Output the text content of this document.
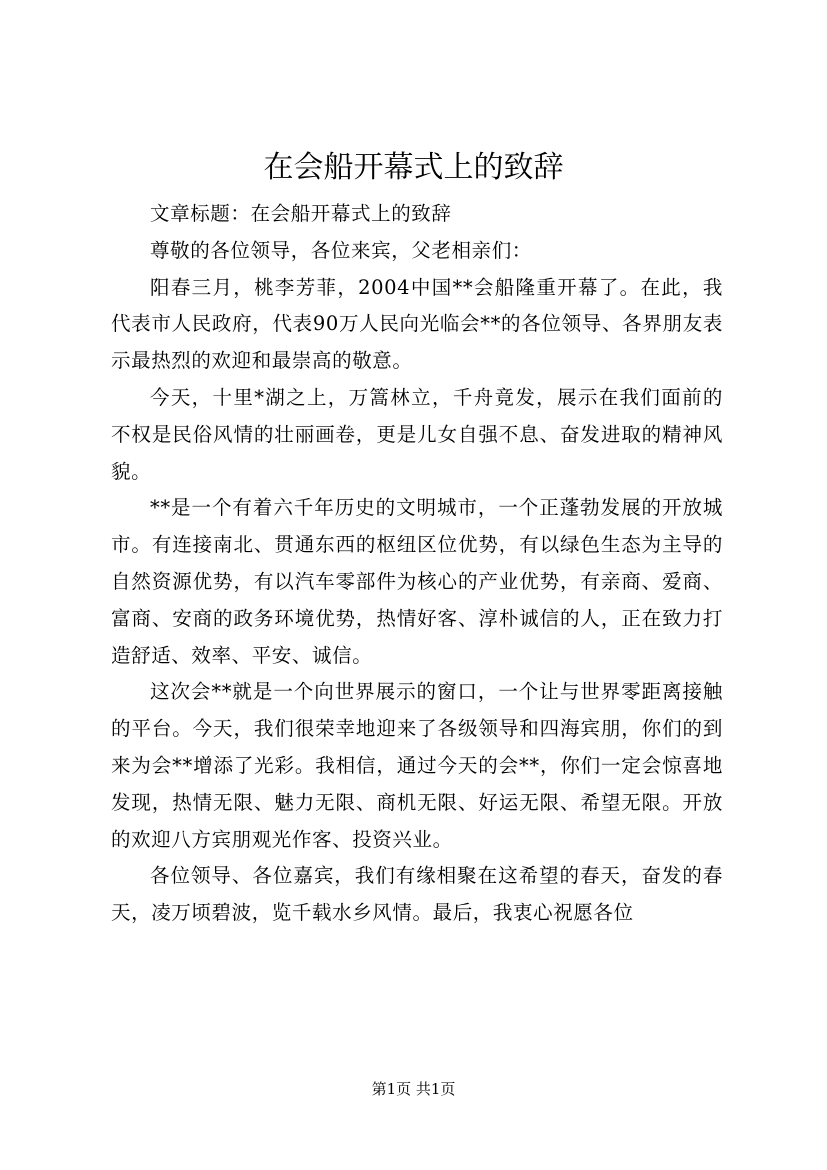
在会船开幕式上的致辞

文章标题：在会船开幕式上的致辞

尊敬的各位领导，各位来宾，父老相亲们：

阳春三月，桃李芳菲，2004中国**会船隆重开幕了。在此，我代表市人民政府，代表90万人民向光临会**的各位领导、各界朋友表示最热烈的欢迎和最崇高的敬意。

今天，十里*湖之上，万篙林立，千舟竟发，展示在我们面前的不权是民俗风情的壮丽画卷，更是儿女自强不息、奋发进取的精神风貌。

**是一个有着六千年历史的文明城市，一个正蓬勃发展的开放城市。有连接南北、贯通东西的枢纽区位优势，有以绿色生态为主导的自然资源优势，有以汽车零部件为核心的产业优势，有亲商、爱商、富商、安商的政务环境优势，热情好客、淳朴诚信的人，正在致力打造舒适、效率、平安、诚信。

这次会**就是一个向世界展示的窗口，一个让与世界零距离接触的平台。今天，我们很荣幸地迎来了各级领导和四海宾朋，你们的到来为会**增添了光彩。我相信，通过今天的会**，你们一定会惊喜地发现，热情无限、魅力无限、商机无限、好运无限、希望无限。开放的欢迎八方宾朋观光作客、投资兴业。

各位领导、各位嘉宾，我们有缘相聚在这希望的春天，奋发的春天，凌万顷碧波，览千载水乡风情。最后，我衷心祝愿各位

第1页 共1页
